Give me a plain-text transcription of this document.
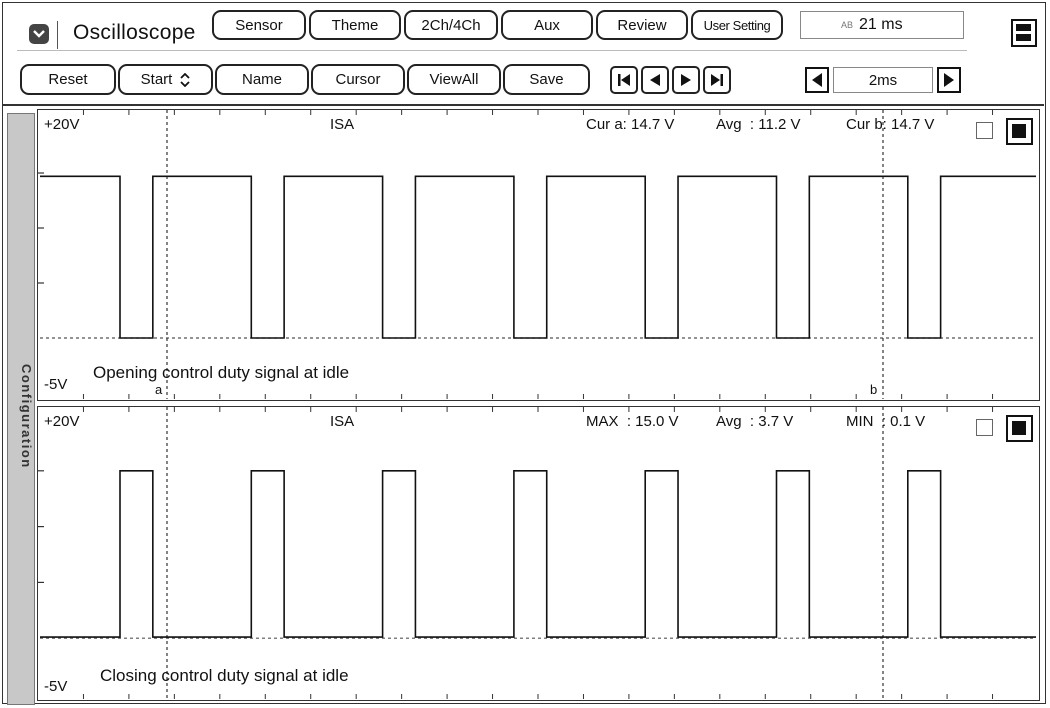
Oscilloscope	Sensor	Theme	2Ch/4Ch	Aux	Review	User Setting	AB 21 ms
Reset	Start	Name	Cursor	ViewAll	Save	2ms
Configuration
+20V
-5V
ISA	Cur a: 14.7 V	Avg  : 11.2 V	Cur b: 14.7 V
Opening control duty signal at idle
a	b
+20V
-5V
ISA	MAX  : 15.0 V Avg  : 3.7 V	MIN  : 0.1 V
Closing control duty signal at idle
